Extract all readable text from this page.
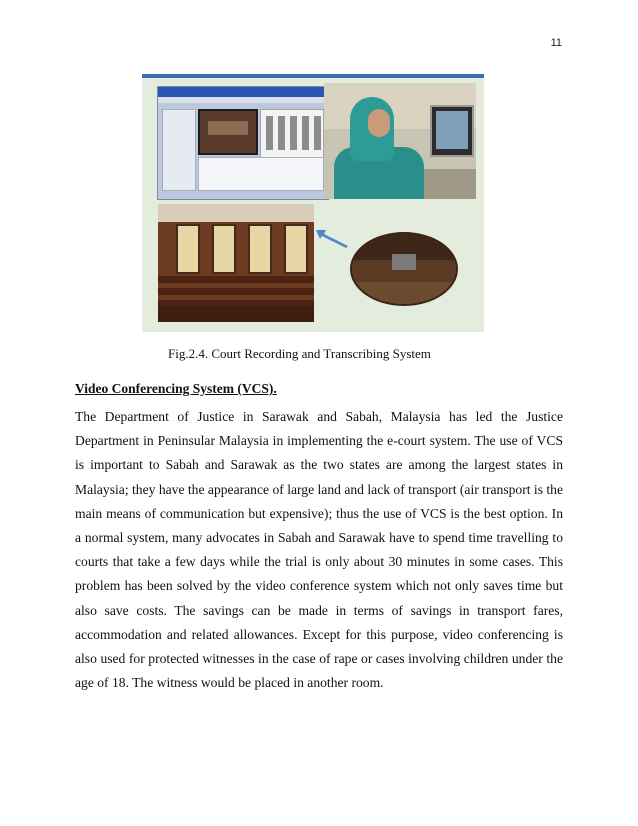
11
Fig.2.4. Court Recording and Transcribing System
Video Conferencing System (VCS).
The Department of Justice in Sarawak and Sabah, Malaysia has led the Justice Department in Peninsular Malaysia in implementing the e-court system. The use of VCS is important to Sabah and Sarawak as the two states are among the largest states in Malaysia; they have the appearance of large land and lack of transport (air transport is the main means of communication but expensive); thus the use of VCS is the best option. In a normal system, many advocates in Sabah and Sarawak have to spend time travelling to courts that take a few days while the trial is only about 30 minutes in some cases. This problem has been solved by the video conference system which not only saves time but also save costs. The savings can be made in terms of savings in transport fares, accommodation and related allowances. Except for this purpose, video conferencing is also used for protected witnesses in the case of rape or cases involving children under the age of 18. The witness would be placed in another room.
